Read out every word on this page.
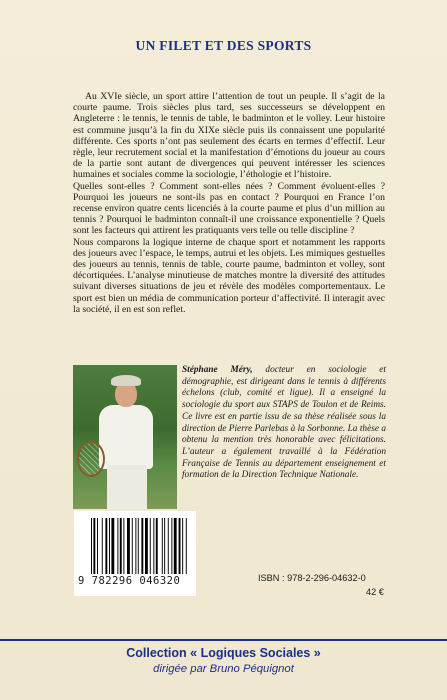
UN FILET ET DES SPORTS

Au XVIe siècle, un sport attire l’attention de tout un peuple. Il s’agit de la courte paume. Trois siècles plus tard, ses successeurs se développent en Angleterre : le tennis, le tennis de table, le badminton et le volley. Leur histoire est commune jusqu’à la fin du XIXe siècle puis ils connaissent une popularité différente. Ces sports n’ont pas seulement des écarts en termes d’effectif. Leur règle, leur recrutement social et la manifestation d’émotions du joueur au cours de la partie sont autant de divergences qui peuvent intéresser les sciences humaines et sociales comme la sociologie, l’éthologie et l’histoire.

Quelles sont-elles ? Comment sont-elles nées ? Comment évoluent-elles ? Pourquoi les joueurs ne sont-ils pas en contact ? Pourquoi en France l’on recense environ quatre cents licenciés à la courte paume et plus d’un million au tennis ? Pourquoi le badminton connaît-il une croissance exponentielle ? Quels sont les facteurs qui attirent les pratiquants vers telle ou telle discipline ?

Nous comparons la logique interne de chaque sport et notamment les rapports des joueurs avec l’espace, le temps, autrui et les objets. Les mimiques gestuelles des joueurs au tennis, tennis de table, courte paume, badminton et volley, sont décortiquées. L’analyse minutieuse de matches montre la diversité des attitudes suivant diverses situations de jeu et révèle des modèles comportementaux. Le sport est bien un média de communication porteur d’affectivité. Il interagit avec la société, il en est son reflet.

Stéphane Méry, docteur en sociologie et démographie, est dirigeant dans le tennis à différents échelons (club, comité et ligue). Il a enseigné la sociologie du sport aux STAPS de Toulon et de Reims. Ce livre est en partie issu de sa thèse réalisée sous la direction de Pierre Parlebas à la Sorbonne. La thèse a obtenu la mention très honorable avec félicitations. L’auteur a également travaillé à la Fédération Française de Tennis au département enseignement et formation de la Direction Technique Nationale.
9 782296 046320	ISBN : 978-2-296-04632-0
42 €
Collection « Logiques Sociales »
dirigée par Bruno Péquignot
